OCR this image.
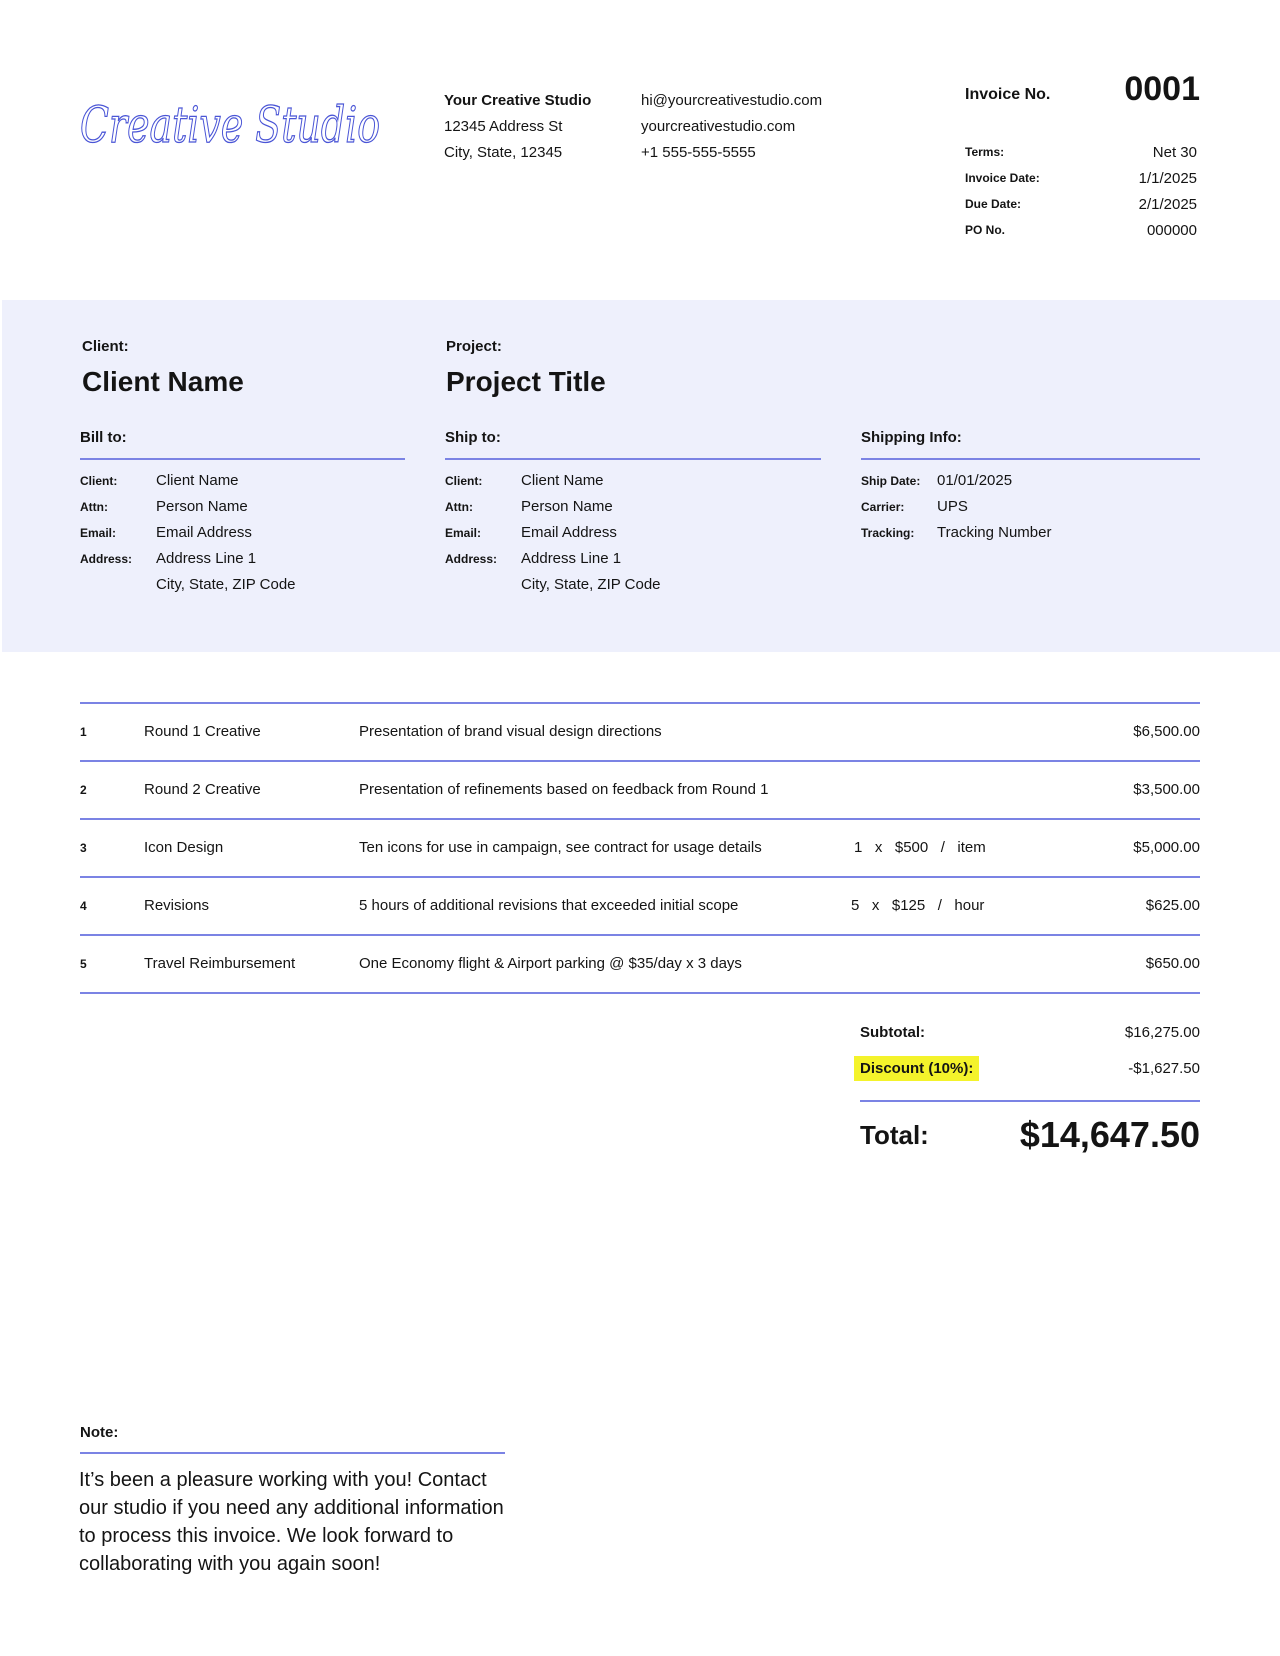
Creative Studio	Your Creative Studio
12345 Address St
City, State, 12345
hi@yourcreativestudio.com
yourcreativestudio.com
+1 555-555-5555
Invoice No.	0001
Terms:	Net 30
Invoice Date:	1/1/2025
Due Date:	2/1/2025
PO No.	000000
Client:
Client Name
Project:
Project Title
Bill to:
Client:	Client Name
Attn:	Person Name
Email:	Email Address
Address:	Address Line 1
City, State, ZIP Code
Ship to:
Client:	Client Name
Attn:	Person Name
Email:	Email Address
Address:	Address Line 1
City, State, ZIP Code
Shipping Info:
Ship Date:	01/01/2025
Carrier:	UPS
Tracking:	Tracking Number
1	Round 1 Creative	Presentation of brand visual design directions	$6,500.00
2	Round 2 Creative	Presentation of refinements based on feedback from Round 1	$3,500.00
3	Icon Design	Ten icons for use in campaign, see contract for usage details	1   x   $500   /   item	$5,000.00
4	Revisions	5 hours of additional revisions that exceeded initial scope	5   x   $125   /   hour	$625.00
5	Travel Reimbursement	One Economy flight & Airport parking @ $35/day x 3 days	$650.00
Subtotal:	$16,275.00
Discount (10%):	-$1,627.50
Total:	$14,647.50
Note:
It’s been a pleasure working with you! Contact our studio if you need any additional information to process this invoice. We look forward to collaborating with you again soon!
